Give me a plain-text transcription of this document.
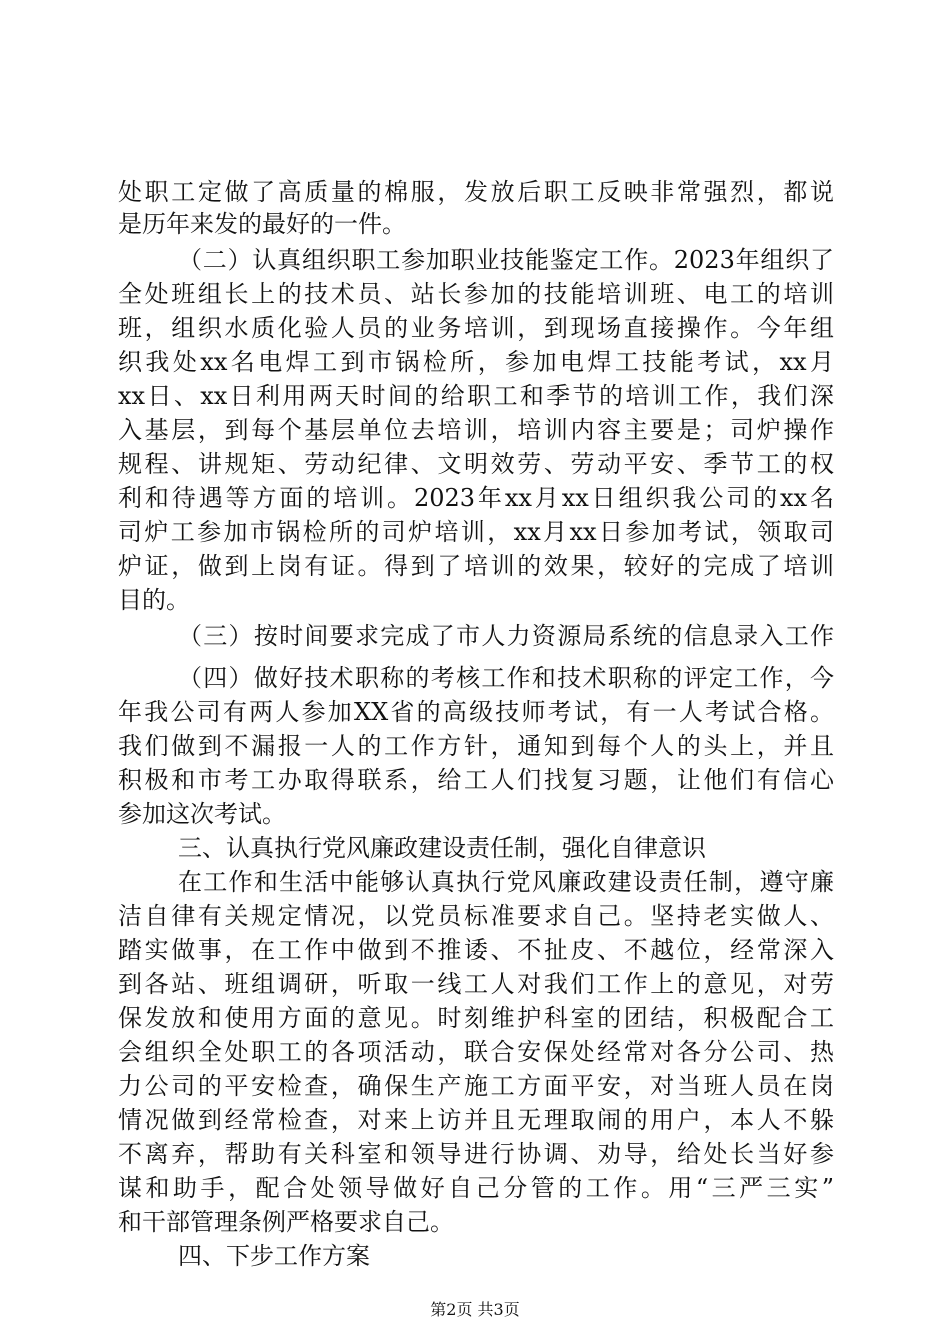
处职工定做了高质量的棉服，发放后职工反映非常强烈，都说
是历年来发的最好的一件。
（二）认真组织职工参加职业技能鉴定工作。2023年组织了
全处班组长上的技术员、站长参加的技能培训班、电工的培训
班，组织水质化验人员的业务培训，到现场直接操作。今年组
织我处xx名电焊工到市锅检所，参加电焊工技能考试，xx月
xx日、xx日利用两天时间的给职工和季节的培训工作，我们深
入基层，到每个基层单位去培训，培训内容主要是；司炉操作
规程、讲规矩、劳动纪律、文明效劳、劳动平安、季节工的权
利和待遇等方面的培训。2023年xx月xx日组织我公司的xx名
司炉工参加市锅检所的司炉培训，xx月xx日参加考试，领取司
炉证，做到上岗有证。得到了培训的效果，较好的完成了培训
目的。
（三）按时间要求完成了市人力资源局系统的信息录入工作
（四）做好技术职称的考核工作和技术职称的评定工作，今
年我公司有两人参加XX省的高级技师考试，有一人考试合格。
我们做到不漏报一人的工作方针，通知到每个人的头上，并且
积极和市考工办取得联系，给工人们找复习题，让他们有信心
参加这次考试。
三、认真执行党风廉政建设责任制，强化自律意识
在工作和生活中能够认真执行党风廉政建设责任制，遵守廉
洁自律有关规定情况，以党员标准要求自己。坚持老实做人、
踏实做事，在工作中做到不推诿、不扯皮、不越位，经常深入
到各站、班组调研，听取一线工人对我们工作上的意见，对劳
保发放和使用方面的意见。时刻维护科室的团结，积极配合工
会组织全处职工的各项活动，联合安保处经常对各分公司、热
力公司的平安检查，确保生产施工方面平安，对当班人员在岗
情况做到经常检查，对来上访并且无理取闹的用户，本人不躲
不离弃，帮助有关科室和领导进行协调、劝导，给处长当好参
谋和助手，配合处领导做好自己分管的工作。用“三严三实”
和干部管理条例严格要求自己。
四、下步工作方案
第2页 共3页
